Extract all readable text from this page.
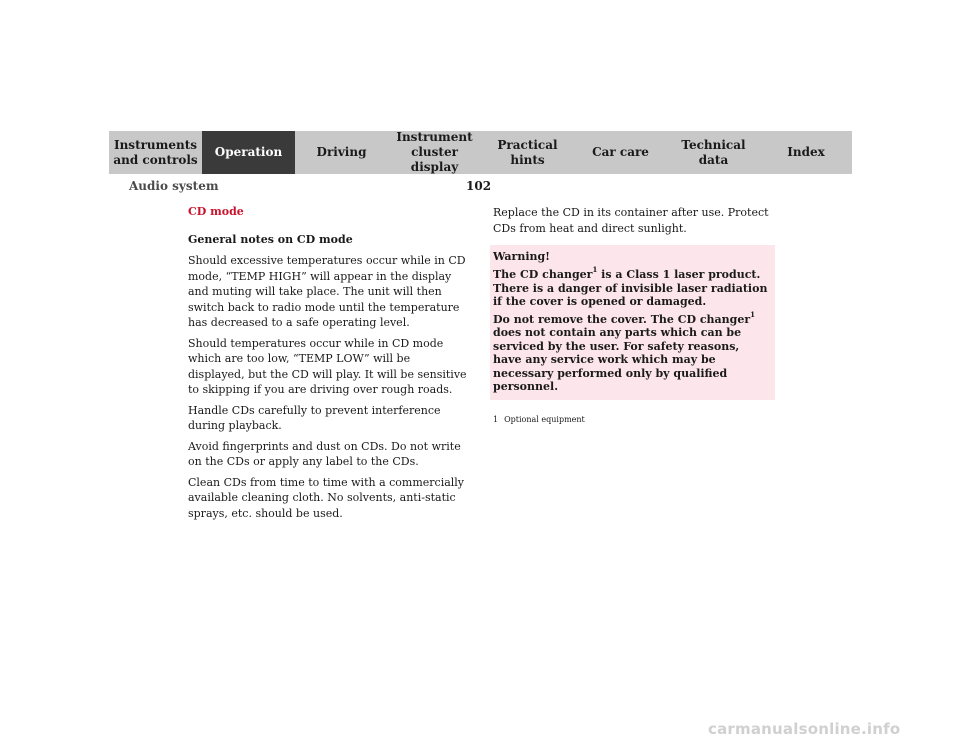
Instruments
and controls
Operation	Driving
Instrument
cluster display
Practical hints
Car care
Technical
data
Index
Audio system	102
CD mode
General notes on CD mode

Should excessive temperatures occur while in CD mode, “TEMP HIGH” will appear in the display and muting will take place. The unit will then switch back to radio mode until the temperature has decreased to a safe operating level.

Should temperatures occur while in CD mode which are too low, “TEMP LOW” will be displayed, but the CD will play. It will be sensitive to skipping if you are driving over rough roads.

Handle CDs carefully to prevent interference during playback.

Avoid fingerprints and dust on CDs. Do not write on the CDs or apply any label to the CDs.

Clean CDs from time to time with a commercially available cleaning cloth. No solvents, anti-static sprays, etc. should be used.

Replace the CD in its container after use. Protect CDs from heat and direct sunlight.

Warning!

The CD changer$^1$ is a Class 1 laser product. There is a danger of invisible laser radiation if the cover is opened or damaged.

Do not remove the cover. The CD changer$^1$ does not contain any parts which can be serviced by the user. For safety reasons, have any service work which may be necessary performed only by qualified personnel.

1 Optional equipment
carmanualsonline.info
